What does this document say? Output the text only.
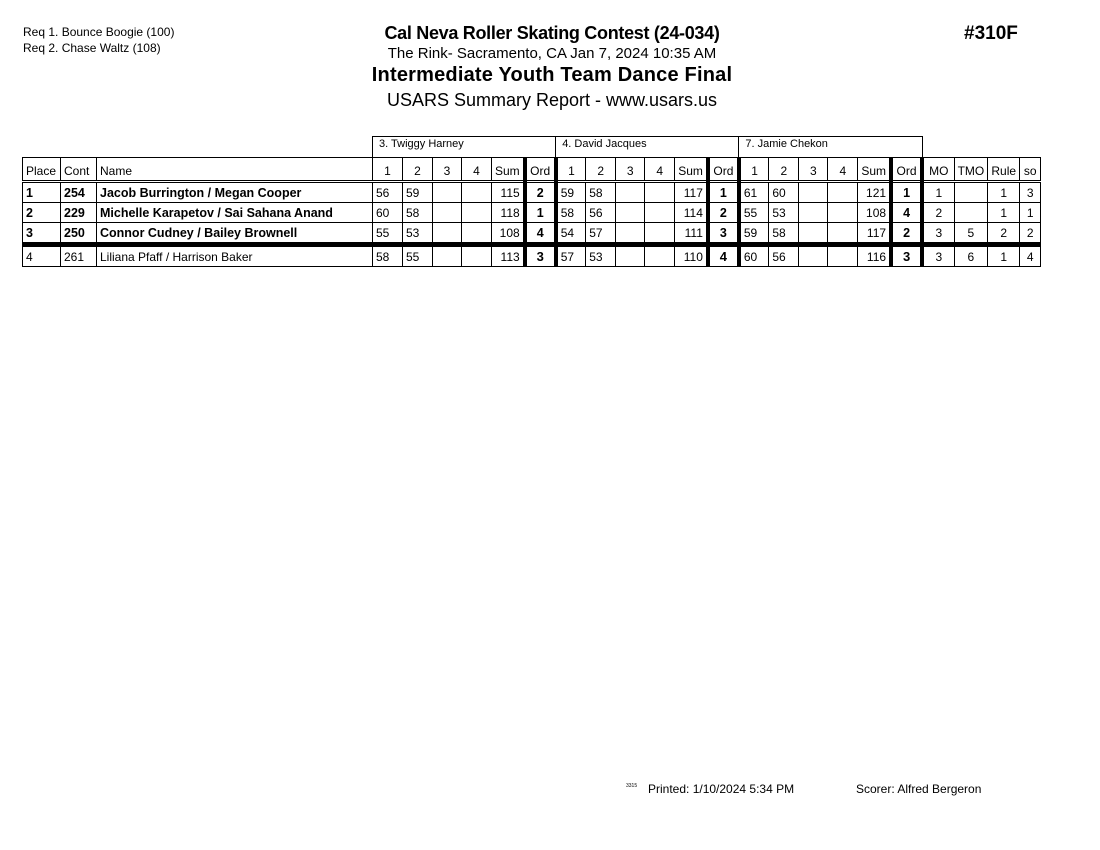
Req 1. Bounce Boogie (100)
Req 2. Chase Waltz (108)
Cal Neva Roller Skating Contest (24-034)
The Rink- Sacramento, CA Jan 7, 2024 10:35 AM
Intermediate Youth Team Dance Final
USARS Summary Report - www.usars.us
#310F
			3. Twiggy Harney						4. David Jacques						7. Jamie Chekon									
Place	Cont	Name	1	2	3	4	Sum	Ord	1	2	3	4	Sum	Ord	1	2	3	4	Sum	Ord	MO	TMO	Rule	so
1	254	Jacob Burrington / Megan Cooper	56	59			115	2	59	58			117	1	61	60			121	1	1		1	3
2	229	Michelle Karapetov / Sai Sahana Anand	60	58			118	1	58	56			114	2	55	53			108	4	2		1	1
3	250	Connor Cudney / Bailey Brownell	55	53			108	4	54	57			111	3	59	58			117	2	3	5	2	2
4	261	Liliana Pfaff / Harrison Baker	58	55			113	3	57	53			110	4	60	56			116	3	3	6	1	4
3315 Printed: 1/10/2024 5:34 PM	Scorer: Alfred Bergeron
